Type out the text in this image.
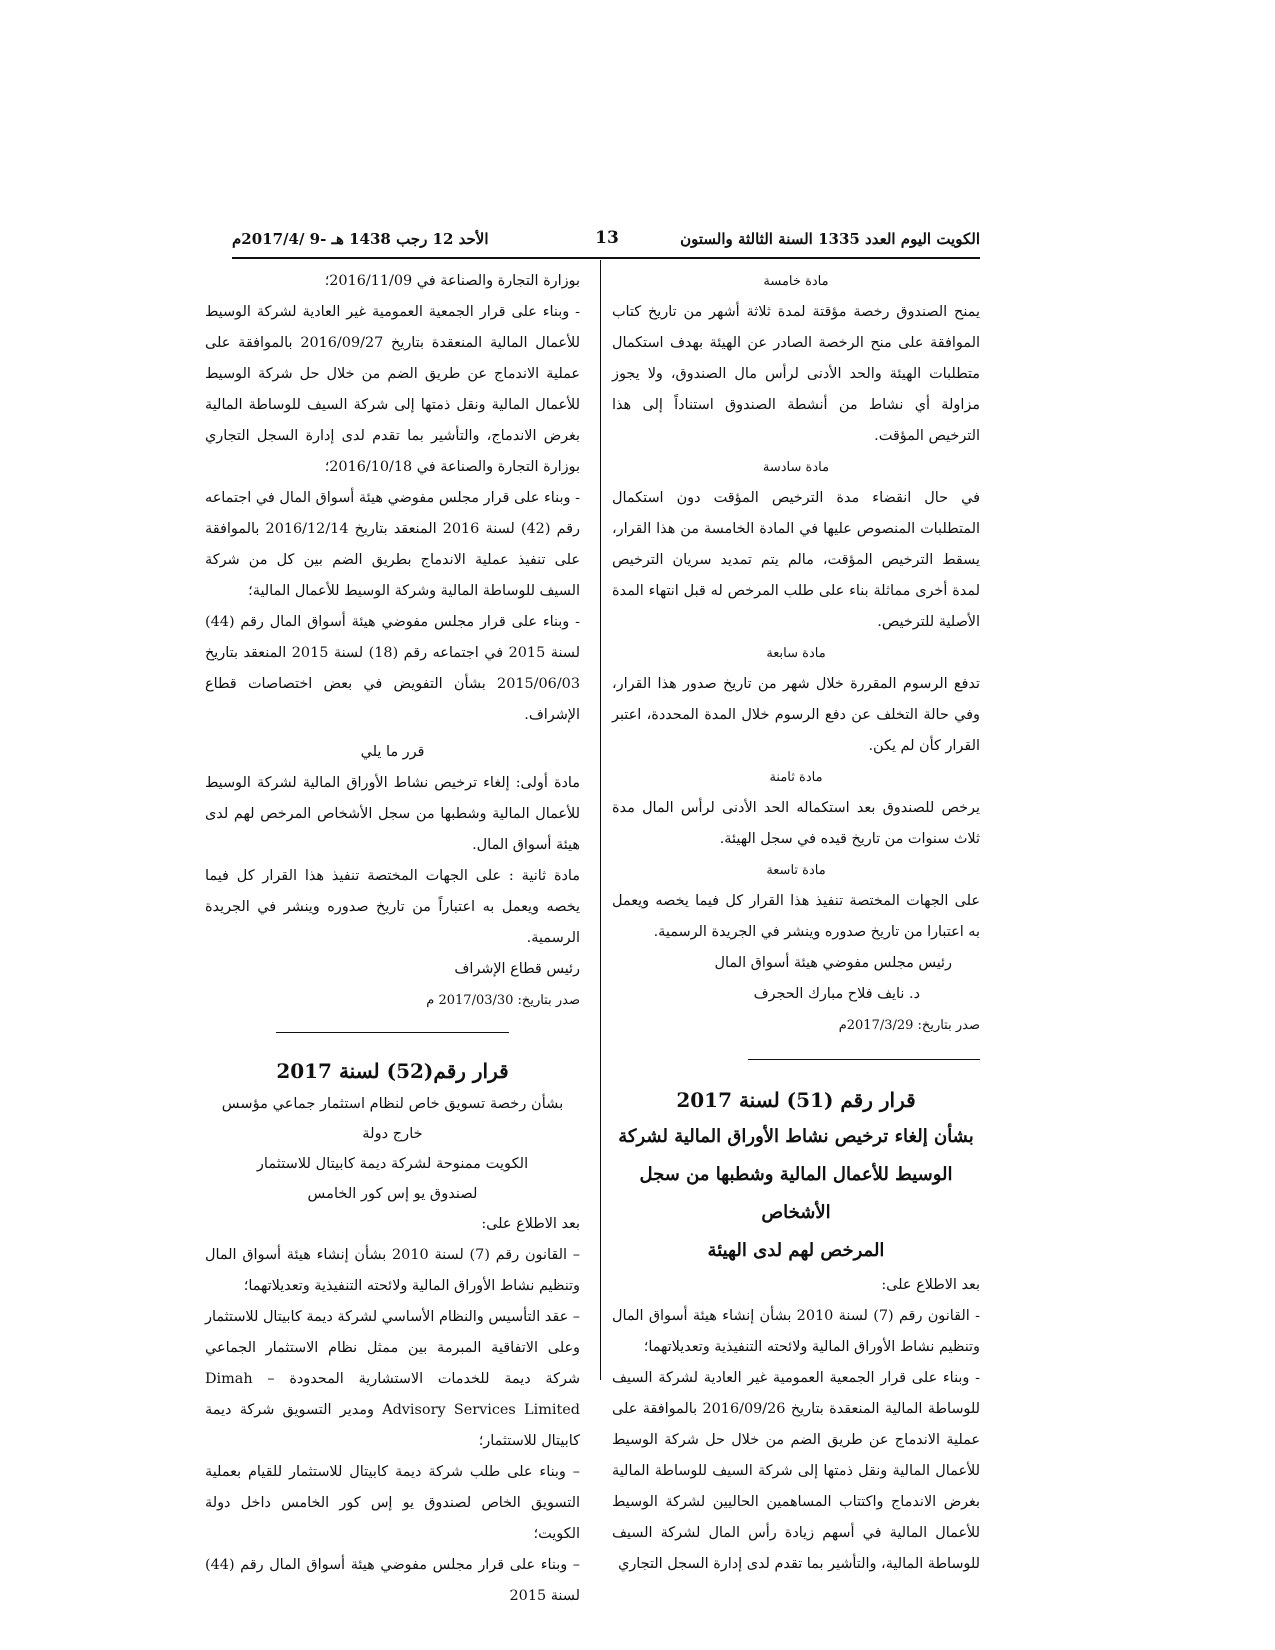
الكويت اليوم العدد 1335 السنة الثالثة والستون
13
الأحد 12 رجب 1438 هـ -9 /2017/4م

مادة خامسة

يمنح الصندوق رخصة مؤقتة لمدة ثلاثة أشهر من تاريخ كتاب الموافقة على منح الرخصة الصادر عن الهيئة بهدف استكمال متطلبات الهيئة والحد الأدنى لرأس مال الصندوق، ولا يجوز مزاولة أي نشاط من أنشطة الصندوق استناداً إلى هذا الترخيص المؤقت.

مادة سادسة

في حال انقضاء مدة الترخيص المؤقت دون استكمال المتطلبات المنصوص عليها في المادة الخامسة من هذا القرار، يسقط الترخيص المؤقت، مالم يتم تمديد سريان الترخيص لمدة أخرى مماثلة بناء على طلب المرخص له قبل انتهاء المدة الأصلية للترخيص.

مادة سابعة

تدفع الرسوم المقررة خلال شهر من تاريخ صدور هذا القرار، وفي حالة التخلف عن دفع الرسوم خلال المدة المحددة، اعتبر القرار كأن لم يكن.

مادة ثامنة

يرخص للصندوق بعد استكماله الحد الأدنى لرأس المال مدة ثلاث سنوات من تاريخ قيده في سجل الهيئة.

مادة تاسعة

على الجهات المختصة تنفيذ هذا القرار كل فيما يخصه ويعمل به اعتبارا من تاريخ صدوره وينشر في الجريدة الرسمية.

رئيس مجلس مفوضي هيئة أسواق المال

د. نايف فلاح مبارك الحجرف

صدر بتاريخ: 2017/3/29م

قرار رقم (51) لسنة 2017

بشأن إلغاء ترخيص نشاط الأوراق المالية لشركة

الوسيط للأعمال المالية وشطبها من سجل الأشخاص

المرخص لهم لدى الهيئة

بعد الاطلاع على:

- القانون رقم (7) لسنة 2010 بشأن إنشاء هيئة أسواق المال وتنظيم نشاط الأوراق المالية ولائحته التنفيذية وتعديلاتهما؛

- وبناء على قرار الجمعية العمومية غير العادية لشركة السيف للوساطة المالية المنعقدة بتاريخ 2016/09/26 بالموافقة على عملية الاندماج عن طريق الضم من خلال حل شركة الوسيط للأعمال المالية ونقل ذمتها إلى شركة السيف للوساطة المالية بغرض الاندماج واكتتاب المساهمين الحاليين لشركة الوسيط للأعمال المالية في أسهم زيادة رأس المال لشركة السيف للوساطة المالية، والتأشير بما تقدم لدى إدارة السجل التجاري

بوزارة التجارة والصناعة في 2016/11/09؛

- وبناء على قرار الجمعية العمومية غير العادية لشركة الوسيط للأعمال المالية المنعقدة بتاريخ 2016/09/27 بالموافقة على عملية الاندماج عن طريق الضم من خلال حل شركة الوسيط للأعمال المالية ونقل ذمتها إلى شركة السيف للوساطة المالية بغرض الاندماج، والتأشير بما تقدم لدى إدارة السجل التجاري بوزارة التجارة والصناعة في 2016/10/18؛

- وبناء على قرار مجلس مفوضي هيئة أسواق المال في اجتماعه رقم (42) لسنة 2016 المنعقد بتاريخ 2016/12/14 بالموافقة على تنفيذ عملية الاندماج بطريق الضم بين كل من شركة السيف للوساطة المالية وشركة الوسيط للأعمال المالية؛

- وبناء على قرار مجلس مفوضي هيئة أسواق المال رقم (44) لسنة 2015 في اجتماعه رقم (18) لسنة 2015 المنعقد بتاريخ 2015/06/03 بشأن التفويض في بعض اختصاصات قطاع الإشراف.

قرر ما يلي

مادة أولى: إلغاء ترخيص نشاط الأوراق المالية لشركة الوسيط للأعمال المالية وشطبها من سجل الأشخاص المرخص لهم لدى هيئة أسواق المال.

مادة ثانية : على الجهات المختصة تنفيذ هذا القرار كل فيما يخصه ويعمل به اعتباراً من تاريخ صدوره وينشر في الجريدة الرسمية.

رئيس قطاع الإشراف

صدر بتاريخ: 2017/03/30 م

قرار رقم(52) لسنة 2017

بشأن رخصة تسويق خاص لنظام استثمار جماعي مؤسس خارج دولة

الكويت ممنوحة لشركة ديمة كابيتال للاستثمار

لصندوق يو إس كور الخامس

بعد الاطلاع على:

– القانون رقم (7) لسنة 2010 بشأن إنشاء هيئة أسواق المال وتنظيم نشاط الأوراق المالية ولائحته التنفيذية وتعديلاتهما؛

– عقد التأسيس والنظام الأساسي لشركة ديمة كابيتال للاستثمار وعلى الاتفاقية المبرمة بين ممثل نظام الاستثمار الجماعي شركة ديمة للخدمات الاستشارية المحدودة – Dimah Advisory Services Limited ومدير التسويق شركة ديمة كابيتال للاستثمار؛

– وبناء على طلب شركة ديمة كابيتال للاستثمار للقيام بعملية التسويق الخاص لصندوق يو إس كور الخامس داخل دولة الكويت؛

– وبناء على قرار مجلس مفوضي هيئة أسواق المال رقم (44) لسنة 2015
